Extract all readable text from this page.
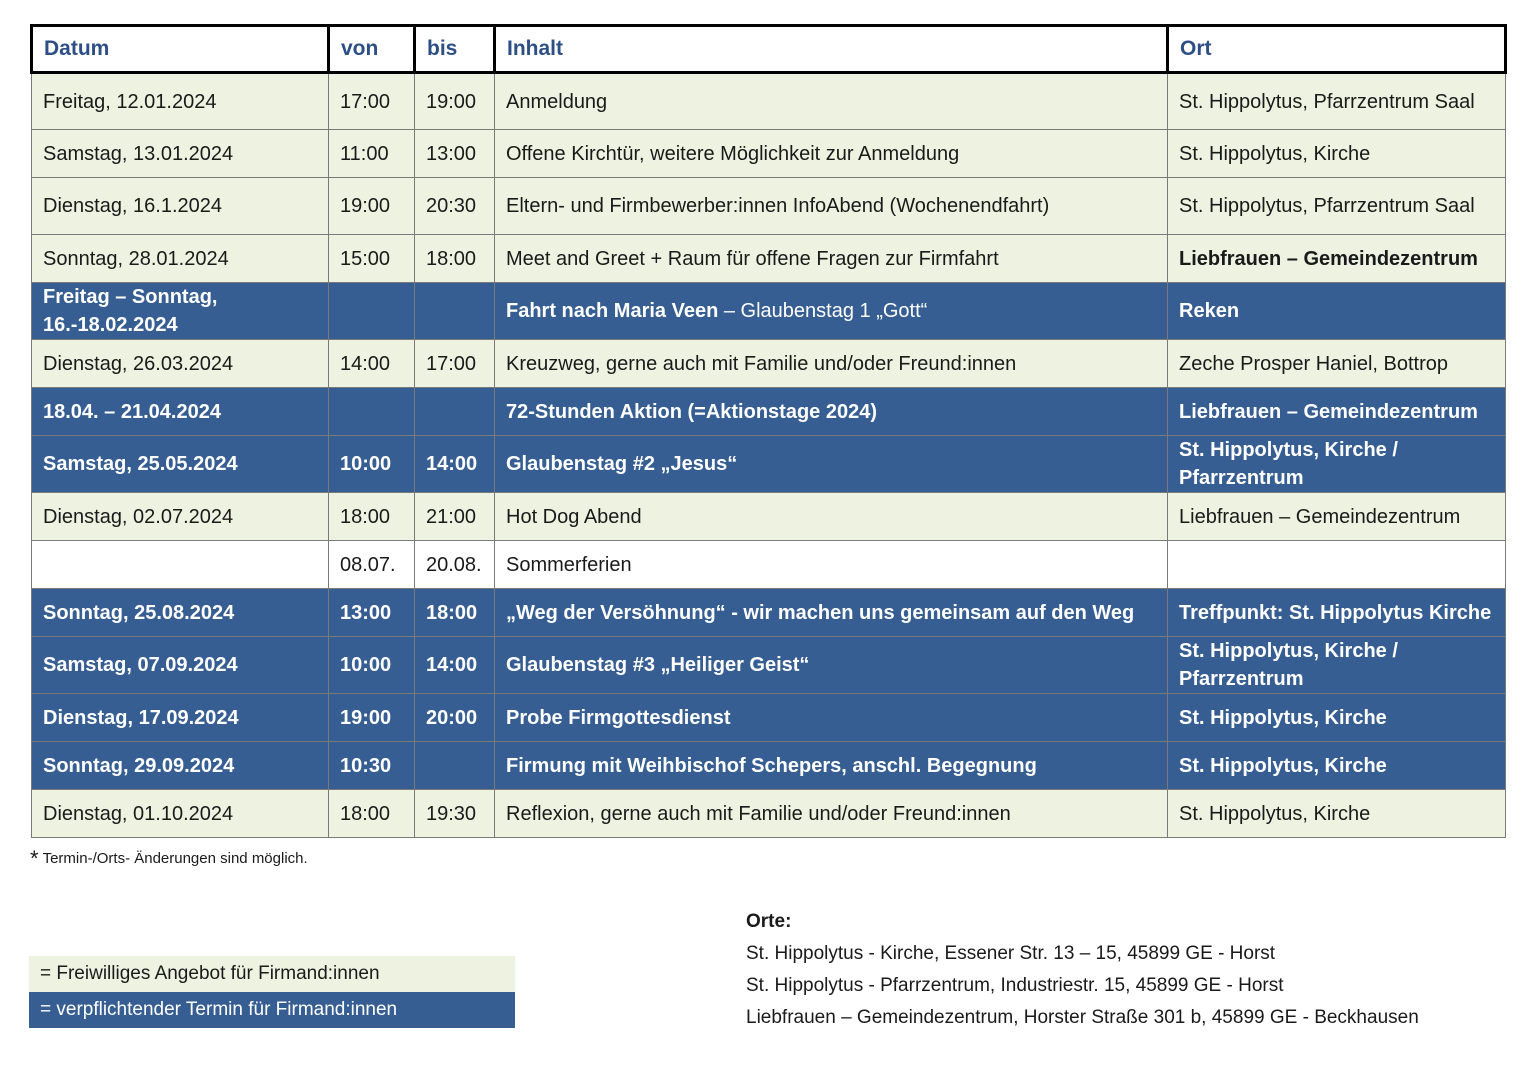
Datum	von	bis	Inhalt	Ort
Freitag, 12.01.2024	17:00	19:00	Anmeldung	St. Hippolytus, Pfarrzentrum Saal
Samstag, 13.01.2024	11:00	13:00	Offene Kirchtür, weitere Möglichkeit zur Anmeldung	St. Hippolytus, Kirche
Dienstag, 16.1.2024	19:00	20:30	Eltern- und Firmbewerber:innen InfoAbend (Wochenendfahrt)	St. Hippolytus, Pfarrzentrum Saal
Sonntag, 28.01.2024	15:00	18:00	Meet and Greet + Raum für offene Fragen zur Firmfahrt	Liebfrauen – Gemeindezentrum
Freitag – Sonntag, 16.-18.02.2024			Fahrt nach Maria Veen – Glaubenstag 1 „Gott“	Reken
Dienstag, 26.03.2024	14:00	17:00	Kreuzweg, gerne auch mit Familie und/oder Freund:innen	Zeche Prosper Haniel, Bottrop
18.04. – 21.04.2024			72-Stunden Aktion (=Aktionstage 2024)	Liebfrauen – Gemeindezentrum
Samstag, 25.05.2024	10:00	14:00	Glaubenstag #2 „Jesus“	St. Hippolytus, Kirche / Pfarrzentrum
Dienstag, 02.07.2024	18:00	21:00	Hot Dog Abend	Liebfrauen – Gemeindezentrum
	08.07.	20.08.	Sommerferien	
Sonntag, 25.08.2024	13:00	18:00	„Weg der Versöhnung“ - wir machen uns gemeinsam auf den Weg	Treffpunkt: St. Hippolytus Kirche
Samstag, 07.09.2024	10:00	14:00	Glaubenstag #3 „Heiliger Geist“	St. Hippolytus, Kirche / Pfarrzentrum
Dienstag, 17.09.2024	19:00	20:00	Probe Firmgottesdienst	St. Hippolytus, Kirche
Sonntag, 29.09.2024	10:30		Firmung mit Weihbischof Schepers, anschl. Begegnung	St. Hippolytus, Kirche
Dienstag, 01.10.2024	18:00	19:30	Reflexion, gerne auch mit Familie und/oder Freund:innen	St. Hippolytus, Kirche
* Termin-/Orts- Änderungen sind möglich.
= Freiwilliges Angebot für Firmand:innen
= verpflichtender Termin für Firmand:innen
Orte:
St. Hippolytus - Kirche, Essener Str. 13 – 15, 45899 GE - Horst
St. Hippolytus - Pfarrzentrum, Industriestr. 15, 45899 GE - Horst
Liebfrauen – Gemeindezentrum, Horster Straße 301 b, 45899 GE - Beckhausen
